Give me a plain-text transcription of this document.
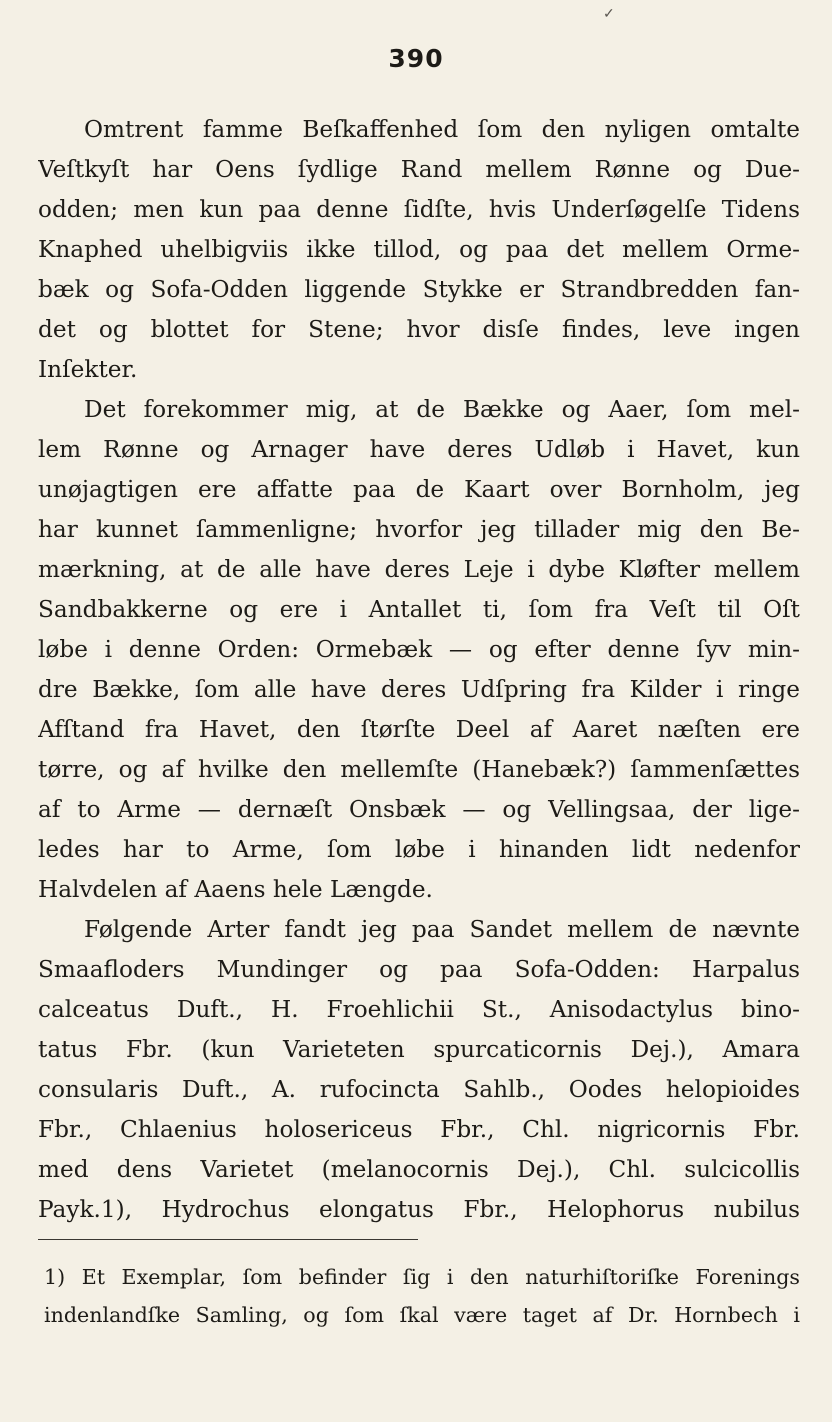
✓
390
Omtrent famme Beſkaffenhed ſom den nyligen omtalte
Veſtkyſt har Oens ſydlige Rand mellem Rønne og Due-
odden; men kun paa denne ſidſte, hvis Underſøgelſe Tidens
Knaphed uhelbigviis ikke tillod, og paa det mellem Orme-
bæk og Sofa-Odden liggende Stykke er Strandbredden fan-
det og blottet for Stene; hvor disſe findes, leve ingen
Inſekter.
Det forekommer mig, at de Bække og Aaer, ſom mel-
lem Rønne og Arnager have deres Udløb i Havet, kun
unøjagtigen ere affatte paa de Kaart over Bornholm, jeg
har kunnet ſammenligne; hvorfor jeg tillader mig den Be-
mærkning, at de alle have deres Leje i dybe Kløfter mellem
Sandbakkerne og ere i Antallet ti, ſom fra Veſt til Oſt
løbe i denne Orden: Ormebæk — og efter denne ſyv min-
dre Bække, ſom alle have deres Udſpring fra Kilder i ringe
Afſtand fra Havet, den ſtørſte Deel af Aaret næſten ere
tørre, og af hvilke den mellemſte (Hanebæk?) ſammenſættes
af to Arme — dernæſt Onsbæk — og Vellingsaa, der lige-
ledes har to Arme, ſom løbe i hinanden lidt nedenfor
Halvdelen af Aaens hele Længde.
Følgende Arter fandt jeg paa Sandet mellem de nævnte
Smaafloders Mundinger og paa Sofa-Odden: Harpalus
calceatus Duft., H. Froehlichii St., Anisodactylus bino-
tatus Fbr. (kun Varieteten spurcaticornis Dej.), Amara
consularis Duft., A. rufocincta Sahlb., Oodes helopioides
Fbr., Chlaenius holosericeus Fbr., Chl. nigricornis Fbr.
med dens Varietet (melanocornis Dej.), Chl. sulcicollis
Payk.1), Hydrochus elongatus Fbr., Helophorus nubilus
1) Et Exemplar, ſom befinder ſig i den naturhiſtoriſke Forenings
indenlandſke Samling, og ſom ſkal være taget af Dr. Hornbech i
